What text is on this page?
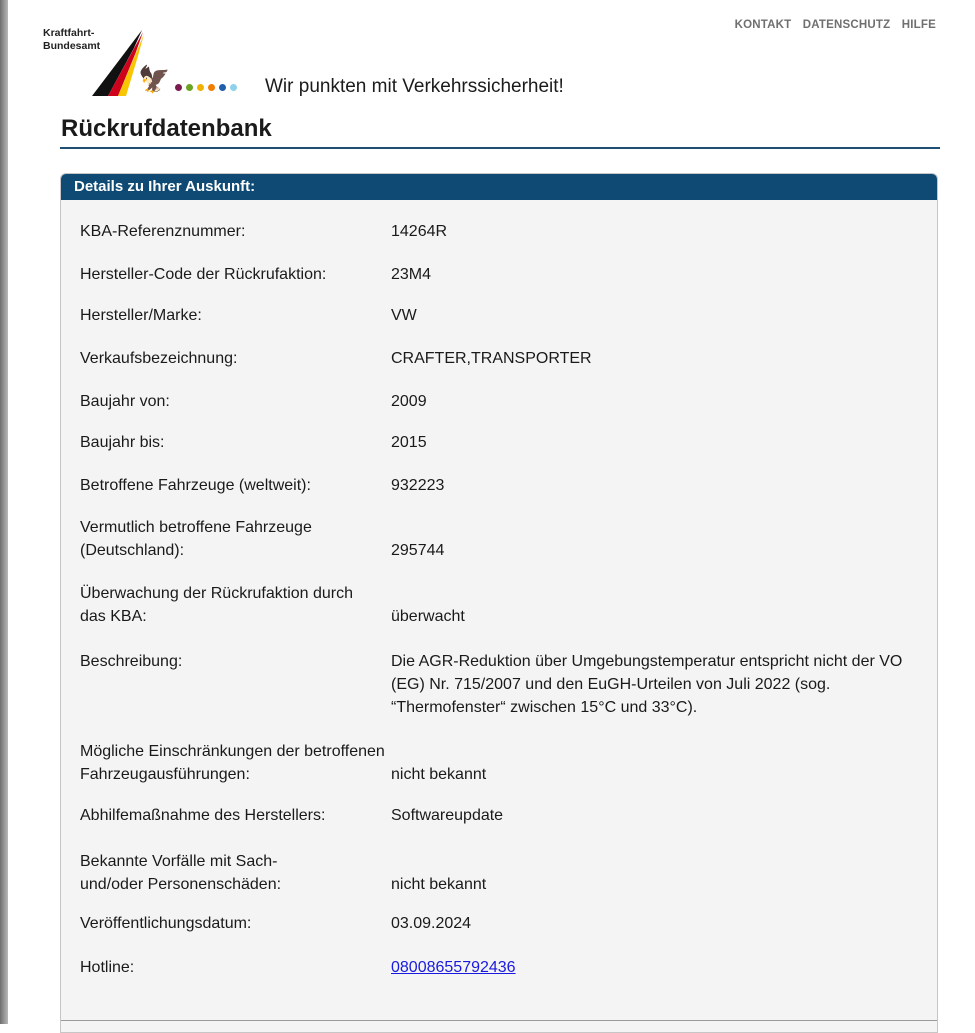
KONTAKT DATENSCHUTZ HILFE
Kraftfahrt-
Bundesamt
🦅	Wir punkten mit Verkehrssicherheit!
Rückrufdatenbank
Details zu Ihrer Auskunft:
KBA-Referenznummer:	14264R
Hersteller-Code der Rückrufaktion:	23M4
Hersteller/Marke:	VW
Verkaufsbezeichnung:	CRAFTER,TRANSPORTER
Baujahr von:	2009
Baujahr bis:	2015
Betroffene Fahrzeuge (weltweit):	932223
Vermutlich betroffene Fahrzeuge (Deutschland):	295744
Überwachung der Rückrufaktion durch das KBA:	überwacht
Beschreibung:	Die AGR-Reduktion über Umgebungstemperatur entspricht nicht der VO (EG) Nr. 715/2007 und den EuGH-Urteilen von Juli 2022 (sog. “Thermofenster“ zwischen 15°C und 33°C).
Mögliche Einschränkungen der betroffenen Fahrzeugausführungen:	nicht bekannt
Abhilfemaßnahme des Herstellers:	Softwareupdate
Bekannte Vorfälle mit Sach- und/oder Personenschäden:	nicht bekannt
Veröffentlichungsdatum:	03.09.2024
Hotline:	08008655792436
